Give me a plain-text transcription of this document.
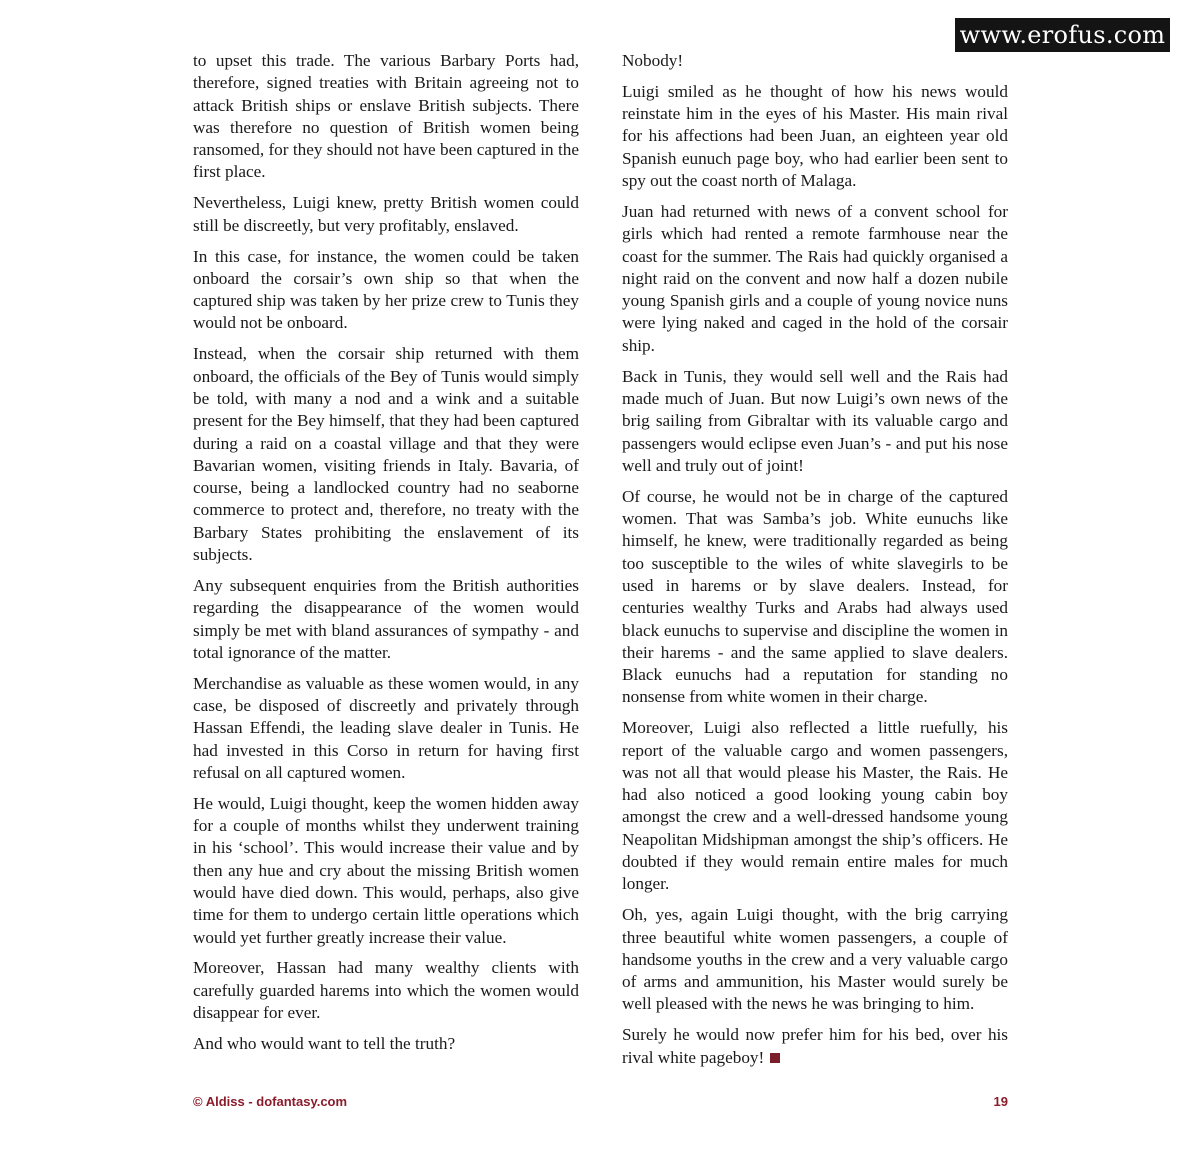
www.erofus.com

to upset this trade. The various Barbary Ports had, therefore, signed treaties with Britain agreeing not to attack British ships or enslave British subjects. There was therefore no question of British women being ransomed, for they should not have been captured in the first place.

Nevertheless, Luigi knew, pretty British women could still be discreetly, but very profitably, enslaved.

In this case, for instance, the women could be taken onboard the corsair’s own ship so that when the captured ship was taken by her prize crew to Tunis they would not be onboard.

Instead, when the corsair ship returned with them onboard, the officials of the Bey of Tunis would simply be told, with many a nod and a wink and a suitable present for the Bey himself, that they had been captured during a raid on a coastal village and that they were Bavarian women, visiting friends in Italy. Bavaria, of course, being a landlocked country had no seaborne commerce to protect and, therefore, no treaty with the Barbary States prohibiting the enslavement of its subjects.

Any subsequent enquiries from the British authorities regarding the disappearance of the women would simply be met with bland assurances of sympathy - and total ignorance of the matter.

Merchandise as valuable as these women would, in any case, be disposed of discreetly and privately through Hassan Effendi, the leading slave dealer in Tunis. He had invested in this Corso in return for having first refusal on all captured women.

He would, Luigi thought, keep the women hidden away for a couple of months whilst they underwent training in his ‘school’. This would increase their value and by then any hue and cry about the missing British women would have died down. This would, perhaps, also give time for them to undergo certain little operations which would yet further greatly increase their value.

Moreover, Hassan had many wealthy clients with carefully guarded harems into which the women would disappear for ever.

And who would want to tell the truth?

Nobody!

Luigi smiled as he thought of how his news would reinstate him in the eyes of his Master. His main rival for his affections had been Juan, an eighteen year old Spanish eunuch page boy, who had earlier been sent to spy out the coast north of Malaga.

Juan had returned with news of a convent school for girls which had rented a remote farmhouse near the coast for the summer. The Rais had quickly organised a night raid on the convent and now half a dozen nubile young Spanish girls and a couple of young novice nuns were lying naked and caged in the hold of the corsair ship.

Back in Tunis, they would sell well and the Rais had made much of Juan. But now Luigi’s own news of the brig sailing from Gibraltar with its valuable cargo and passengers would eclipse even Juan’s - and put his nose well and truly out of joint!

Of course, he would not be in charge of the captured women. That was Samba’s job. White eunuchs like himself, he knew, were traditionally regarded as being too susceptible to the wiles of white slavegirls to be used in harems or by slave dealers. Instead, for centuries wealthy Turks and Arabs had always used black eunuchs to supervise and discipline the women in their harems - and the same applied to slave dealers. Black eunuchs had a reputation for standing no nonsense from white women in their charge.

Moreover, Luigi also reflected a little ruefully, his report of the valuable cargo and women passengers, was not all that would please his Master, the Rais. He had also noticed a good looking young cabin boy amongst the crew and a well-dressed handsome young Neapolitan Midshipman amongst the ship’s officers. He doubted if they would remain entire males for much longer.

Oh, yes, again Luigi thought, with the brig carrying three beautiful white women passengers, a couple of handsome youths in the crew and a very valuable cargo of arms and ammunition, his Master would surely be well pleased with the news he was bringing to him.

Surely he would now prefer him for his bed, over his rival white pageboy!

© Aldiss - dofantasy.com	19
